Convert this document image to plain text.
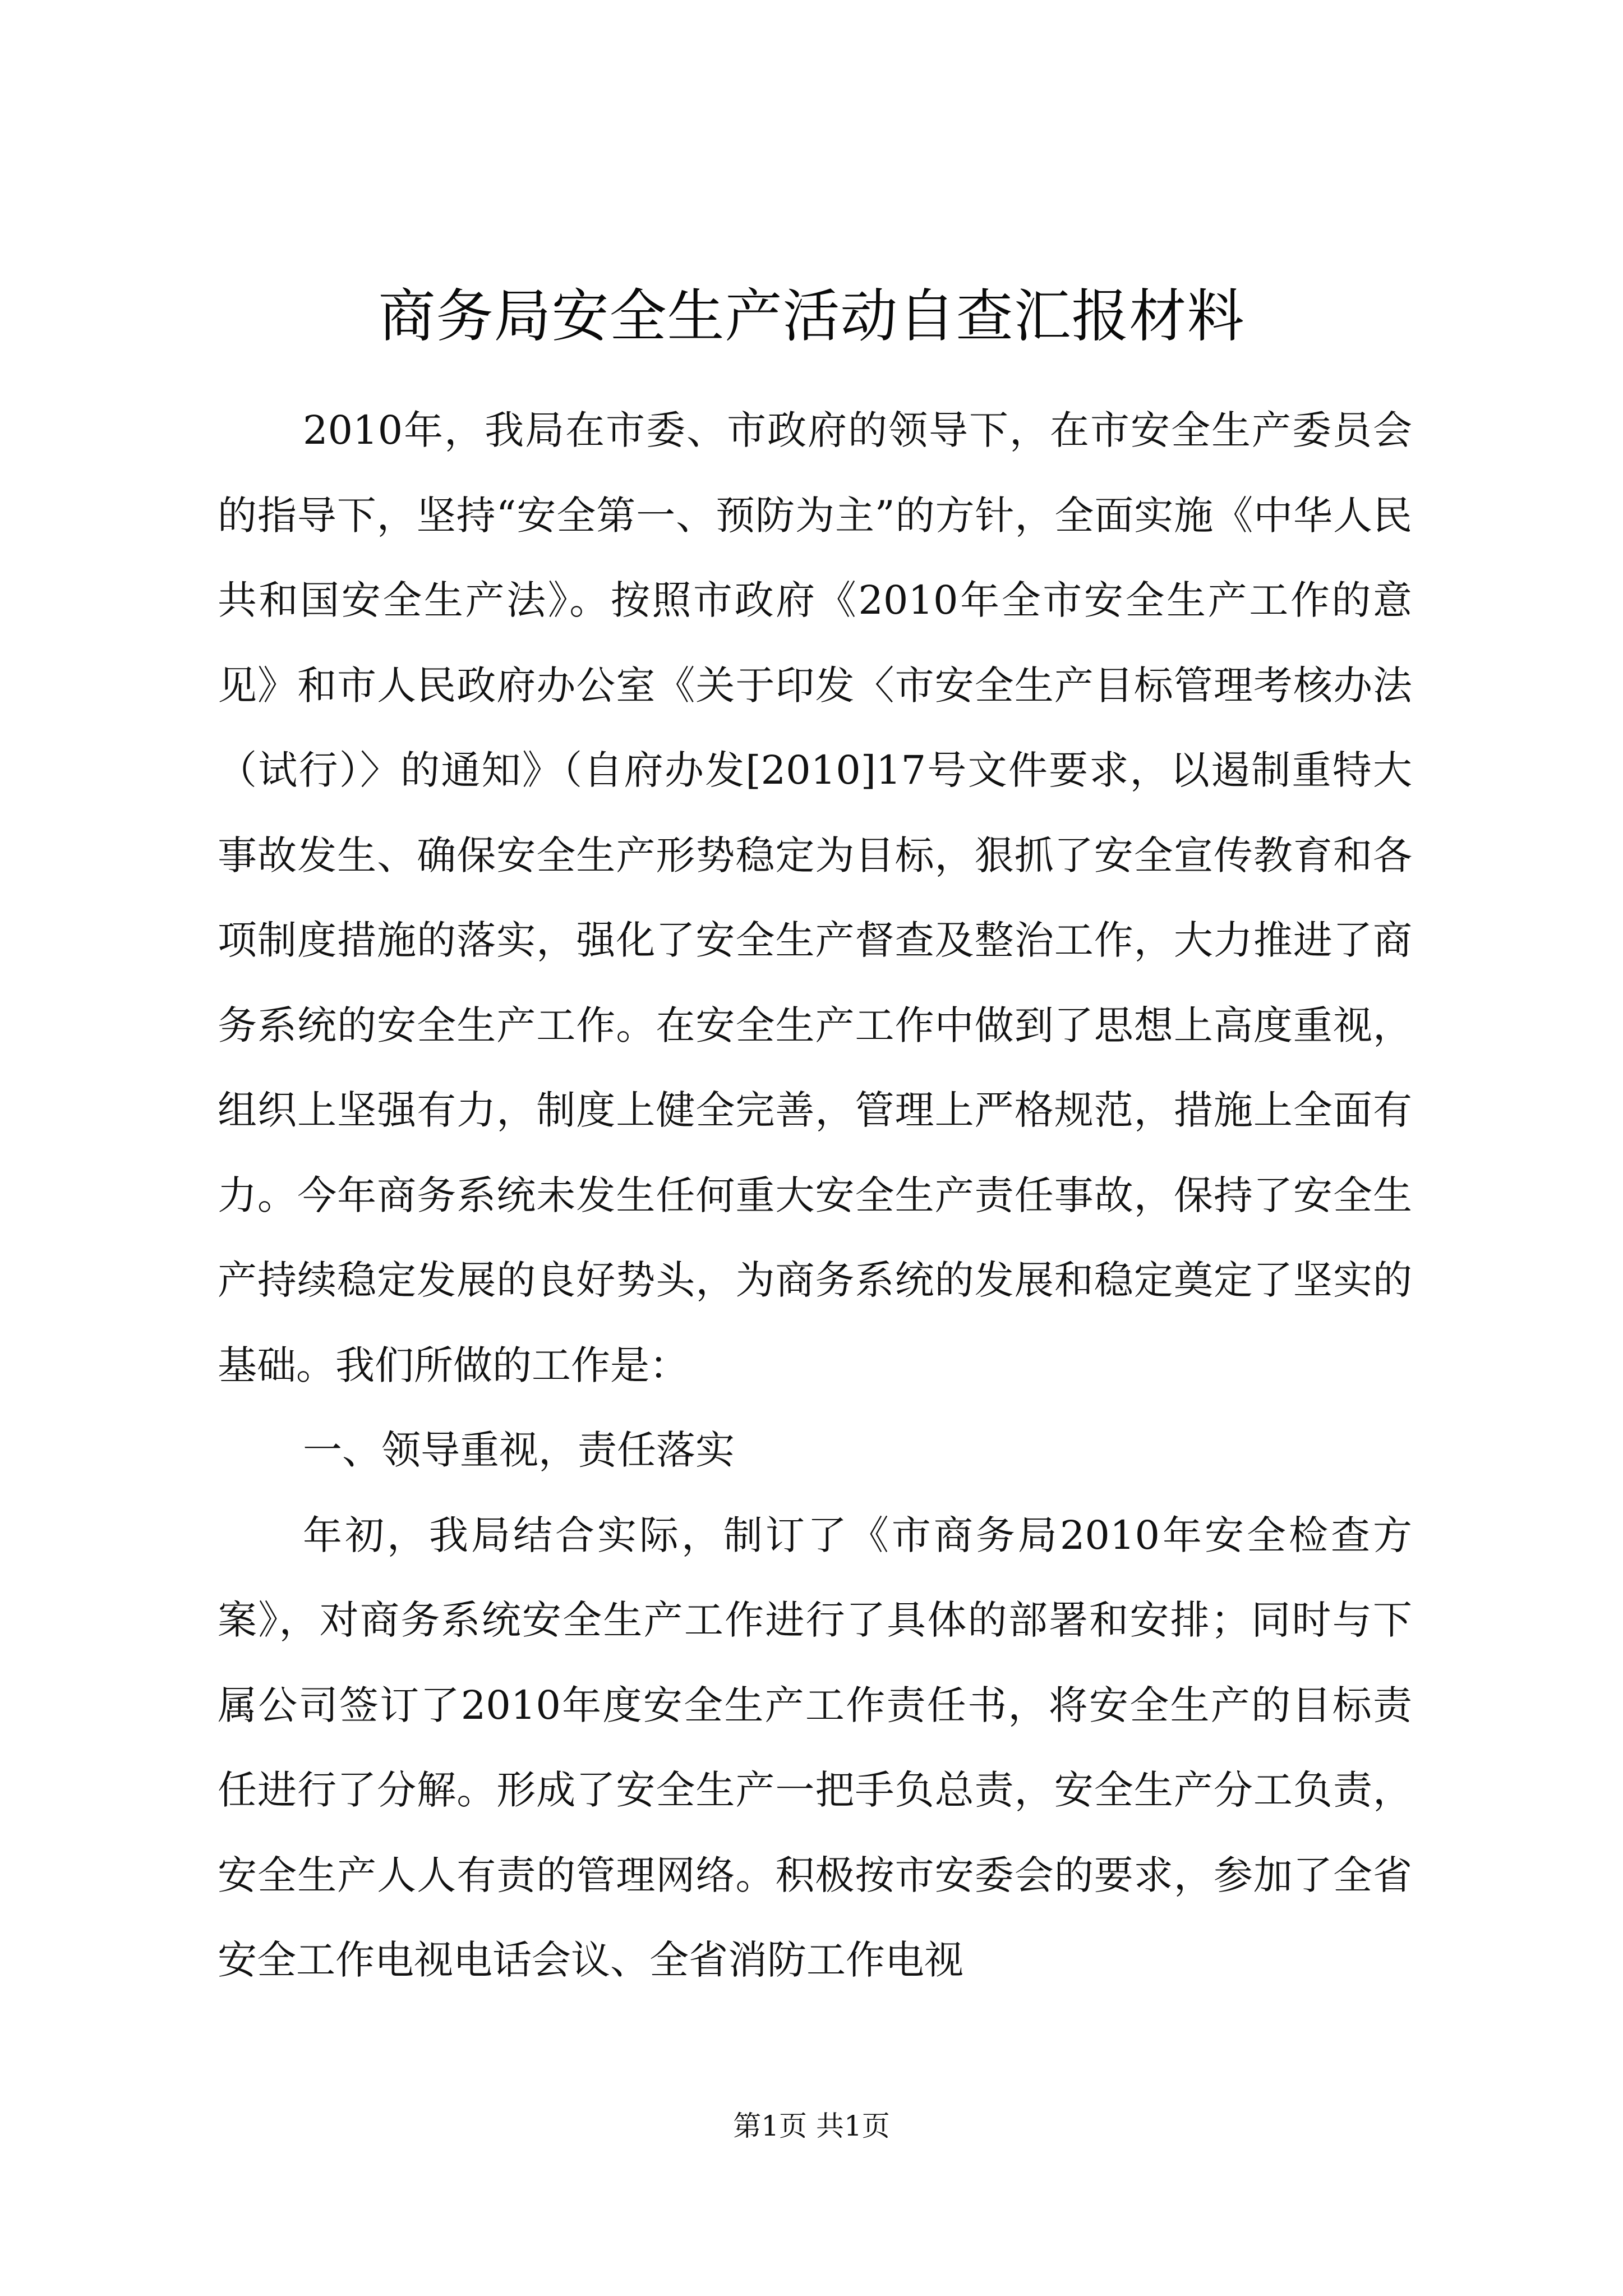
商务局安全生产活动自查汇报材料

2010年，我局在市委、市政府的领导下，在市安全生产委员会的指导下，坚持“安全第一、预防为主”的方针，全面实施《中华人民共和国安全生产法》。按照市政府《2010年全市安全生产工作的意见》和市人民政府办公室《关于印发〈市安全生产目标管理考核办法（试行）〉的通知》（自府办发[2010]17号文件要求，以遏制重特大事故发生、确保安全生产形势稳定为目标，狠抓了安全宣传教育和各项制度措施的落实，强化了安全生产督查及整治工作，大力推进了商务系统的安全生产工作。在安全生产工作中做到了思想上高度重视，组织上坚强有力，制度上健全完善，管理上严格规范，措施上全面有力。今年商务系统未发生任何重大安全生产责任事故，保持了安全生产持续稳定发展的良好势头，为商务系统的发展和稳定奠定了坚实的基础。我们所做的工作是：

一、领导重视，责任落实

年初，我局结合实际，制订了《市商务局2010年安全检查方案》，对商务系统安全生产工作进行了具体的部署和安排；同时与下属公司签订了2010年度安全生产工作责任书，将安全生产的目标责任进行了分解。形成了安全生产一把手负总责，安全生产分工负责，安全生产人人有责的管理网络。积极按市安委会的要求，参加了全省安全工作电视电话会议、全省消防工作电视

第1页 共1页
